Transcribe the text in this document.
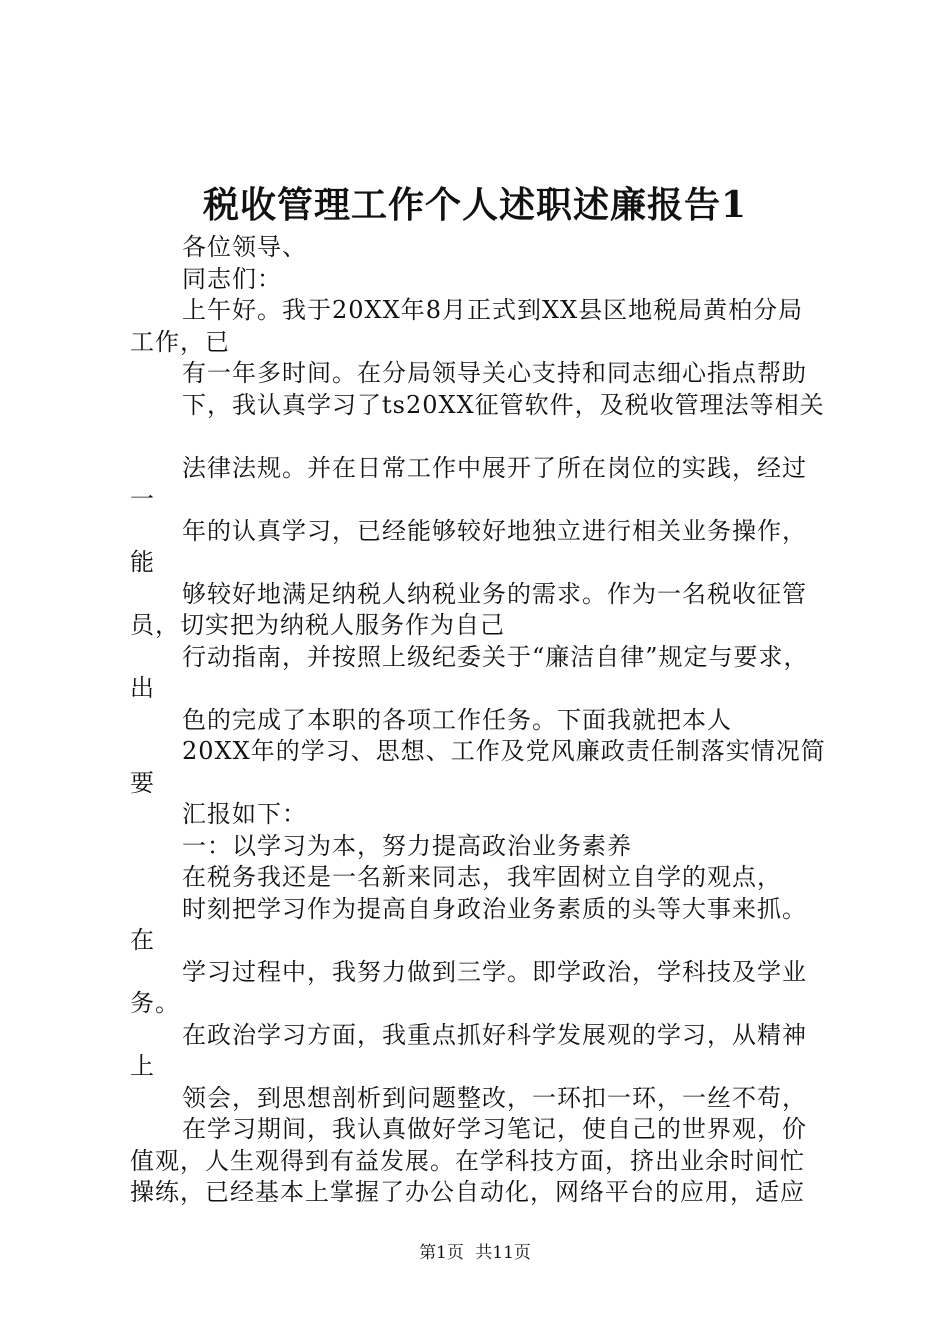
税收管理工作个人述职述廉报告1
各位领导、
同志们：
上午好。我于20XX年8月正式到XX县区地税局黄柏分局
工作，已
有一年多时间。在分局领导关心支持和同志细心指点帮助
下，我认真学习了ts20XX征管软件，及税收管理法等相关
法律法规。并在日常工作中展开了所在岗位的实践，经过
一
年的认真学习，已经能够较好地独立进行相关业务操作，
能
够较好地满足纳税人纳税业务的需求。作为一名税收征管
员，切实把为纳税人服务作为自己
行动指南，并按照上级纪委关于“廉洁自律”规定与要求，
出
色的完成了本职的各项工作任务。下面我就把本人
20XX年的学习、思想、工作及党风廉政责任制落实情况简
要
汇报如下：
一：以学习为本，努力提高政治业务素养
在税务我还是一名新来同志，我牢固树立自学的观点，
时刻把学习作为提高自身政治业务素质的头等大事来抓。
在
学习过程中，我努力做到三学。即学政治，学科技及学业
务。
在政治学习方面，我重点抓好科学发展观的学习，从精神
上
领会，到思想剖析到问题整改，一环扣一环，一丝不苟，
在学习期间，我认真做好学习笔记，使自己的世界观，价
值观，人生观得到有益发展。在学科技方面，挤出业余时间忙
操练，已经基本上掌握了办公自动化，网络平台的应用，适应
第1页 共11页
